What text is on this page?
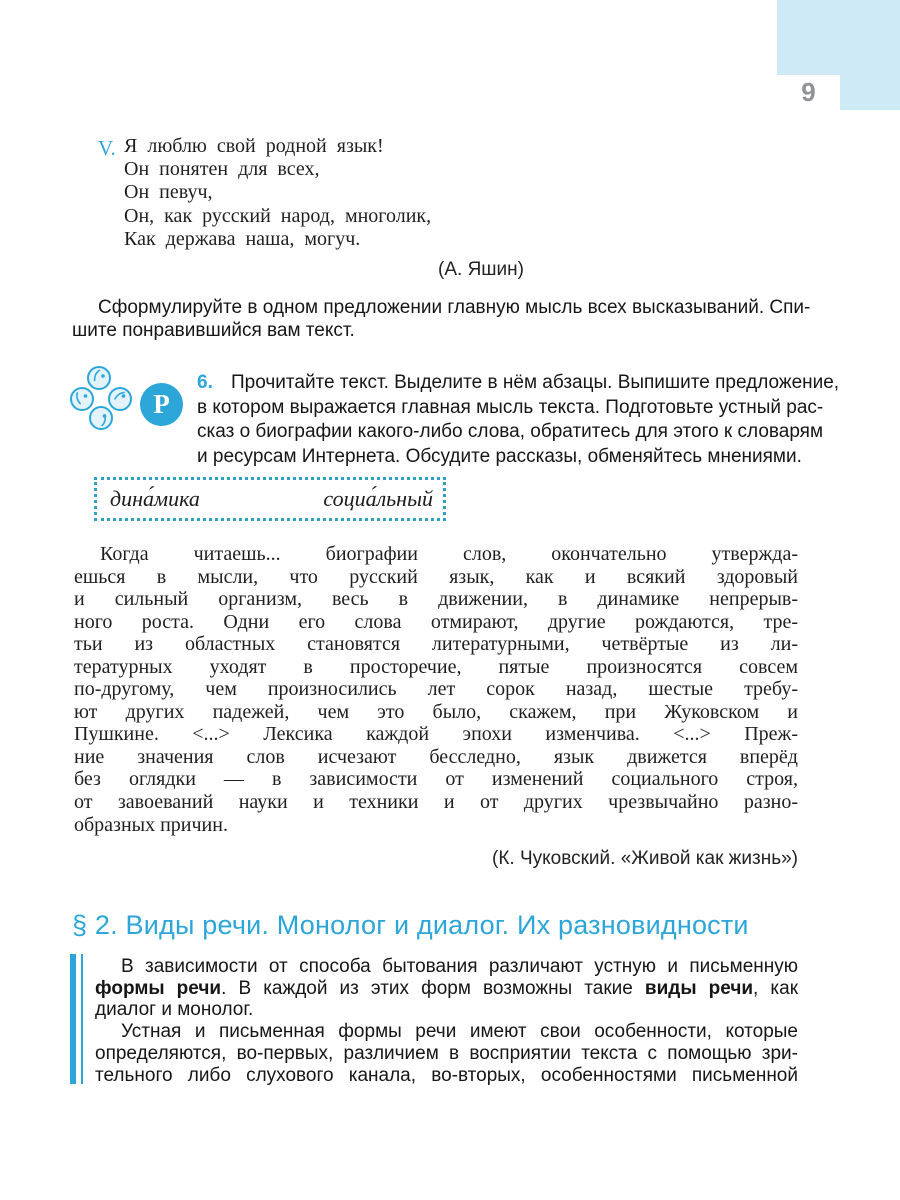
9
V. Я люблю свой родной язык!
Он понятен для всех,
Он певуч,
Он, как русский народ, многолик,
Как держава наша, могуч.
(А. Яшин)
Сформулируйте в одном предложении главную мысль всех высказываний. Спи-
шите понравившийся вам текст.
Р
6. Прочитайте текст. Выделите в нём абзацы. Выпишите предложение,
в котором выражается главная мысль текста. Подготовьте устный рас-
сказ о биографии какого-либо слова, обратитесь для этого к словарям
и ресурсам Интернета. Обсудите рассказы, обменяйтесь мнениями.
дина́мика	социа́льный
Когда читаешь... биографии слов, окончательно утвержда-
ешься в мысли, что русский язык, как и всякий здоровый
и сильный организм, весь в движении, в динамике непрерыв-
ного роста. Одни его слова отмирают, другие рождаются, тре-
тьи из областных становятся литературными, четвёртые из ли-
тературных уходят в просторечие, пятые произносятся совсем
по-другому, чем произносились лет сорок назад, шестые требу-
ют других падежей, чем это было, скажем, при Жуковском и
Пушкине. <...> Лексика каждой эпохи изменчива. <...> Преж-
ние значения слов исчезают бесследно, язык движется вперёд
без оглядки — в зависимости от изменений социального строя,
от завоеваний науки и техники и от других чрезвычайно разно-
образных причин.
(К. Чуковский. «Живой как жизнь»)
§ 2. Виды речи. Монолог и диалог. Их разновидности
В зависимости от способа бытования различают устную и письменную
формы речи. В каждой из этих форм возможны такие виды речи, как
диалог и монолог.
Устная и письменная формы речи имеют свои особенности, которые
определяются, во-первых, различием в восприятии текста с помощью зри-
тельного либо слухового канала, во-вторых, особенностями письменной
